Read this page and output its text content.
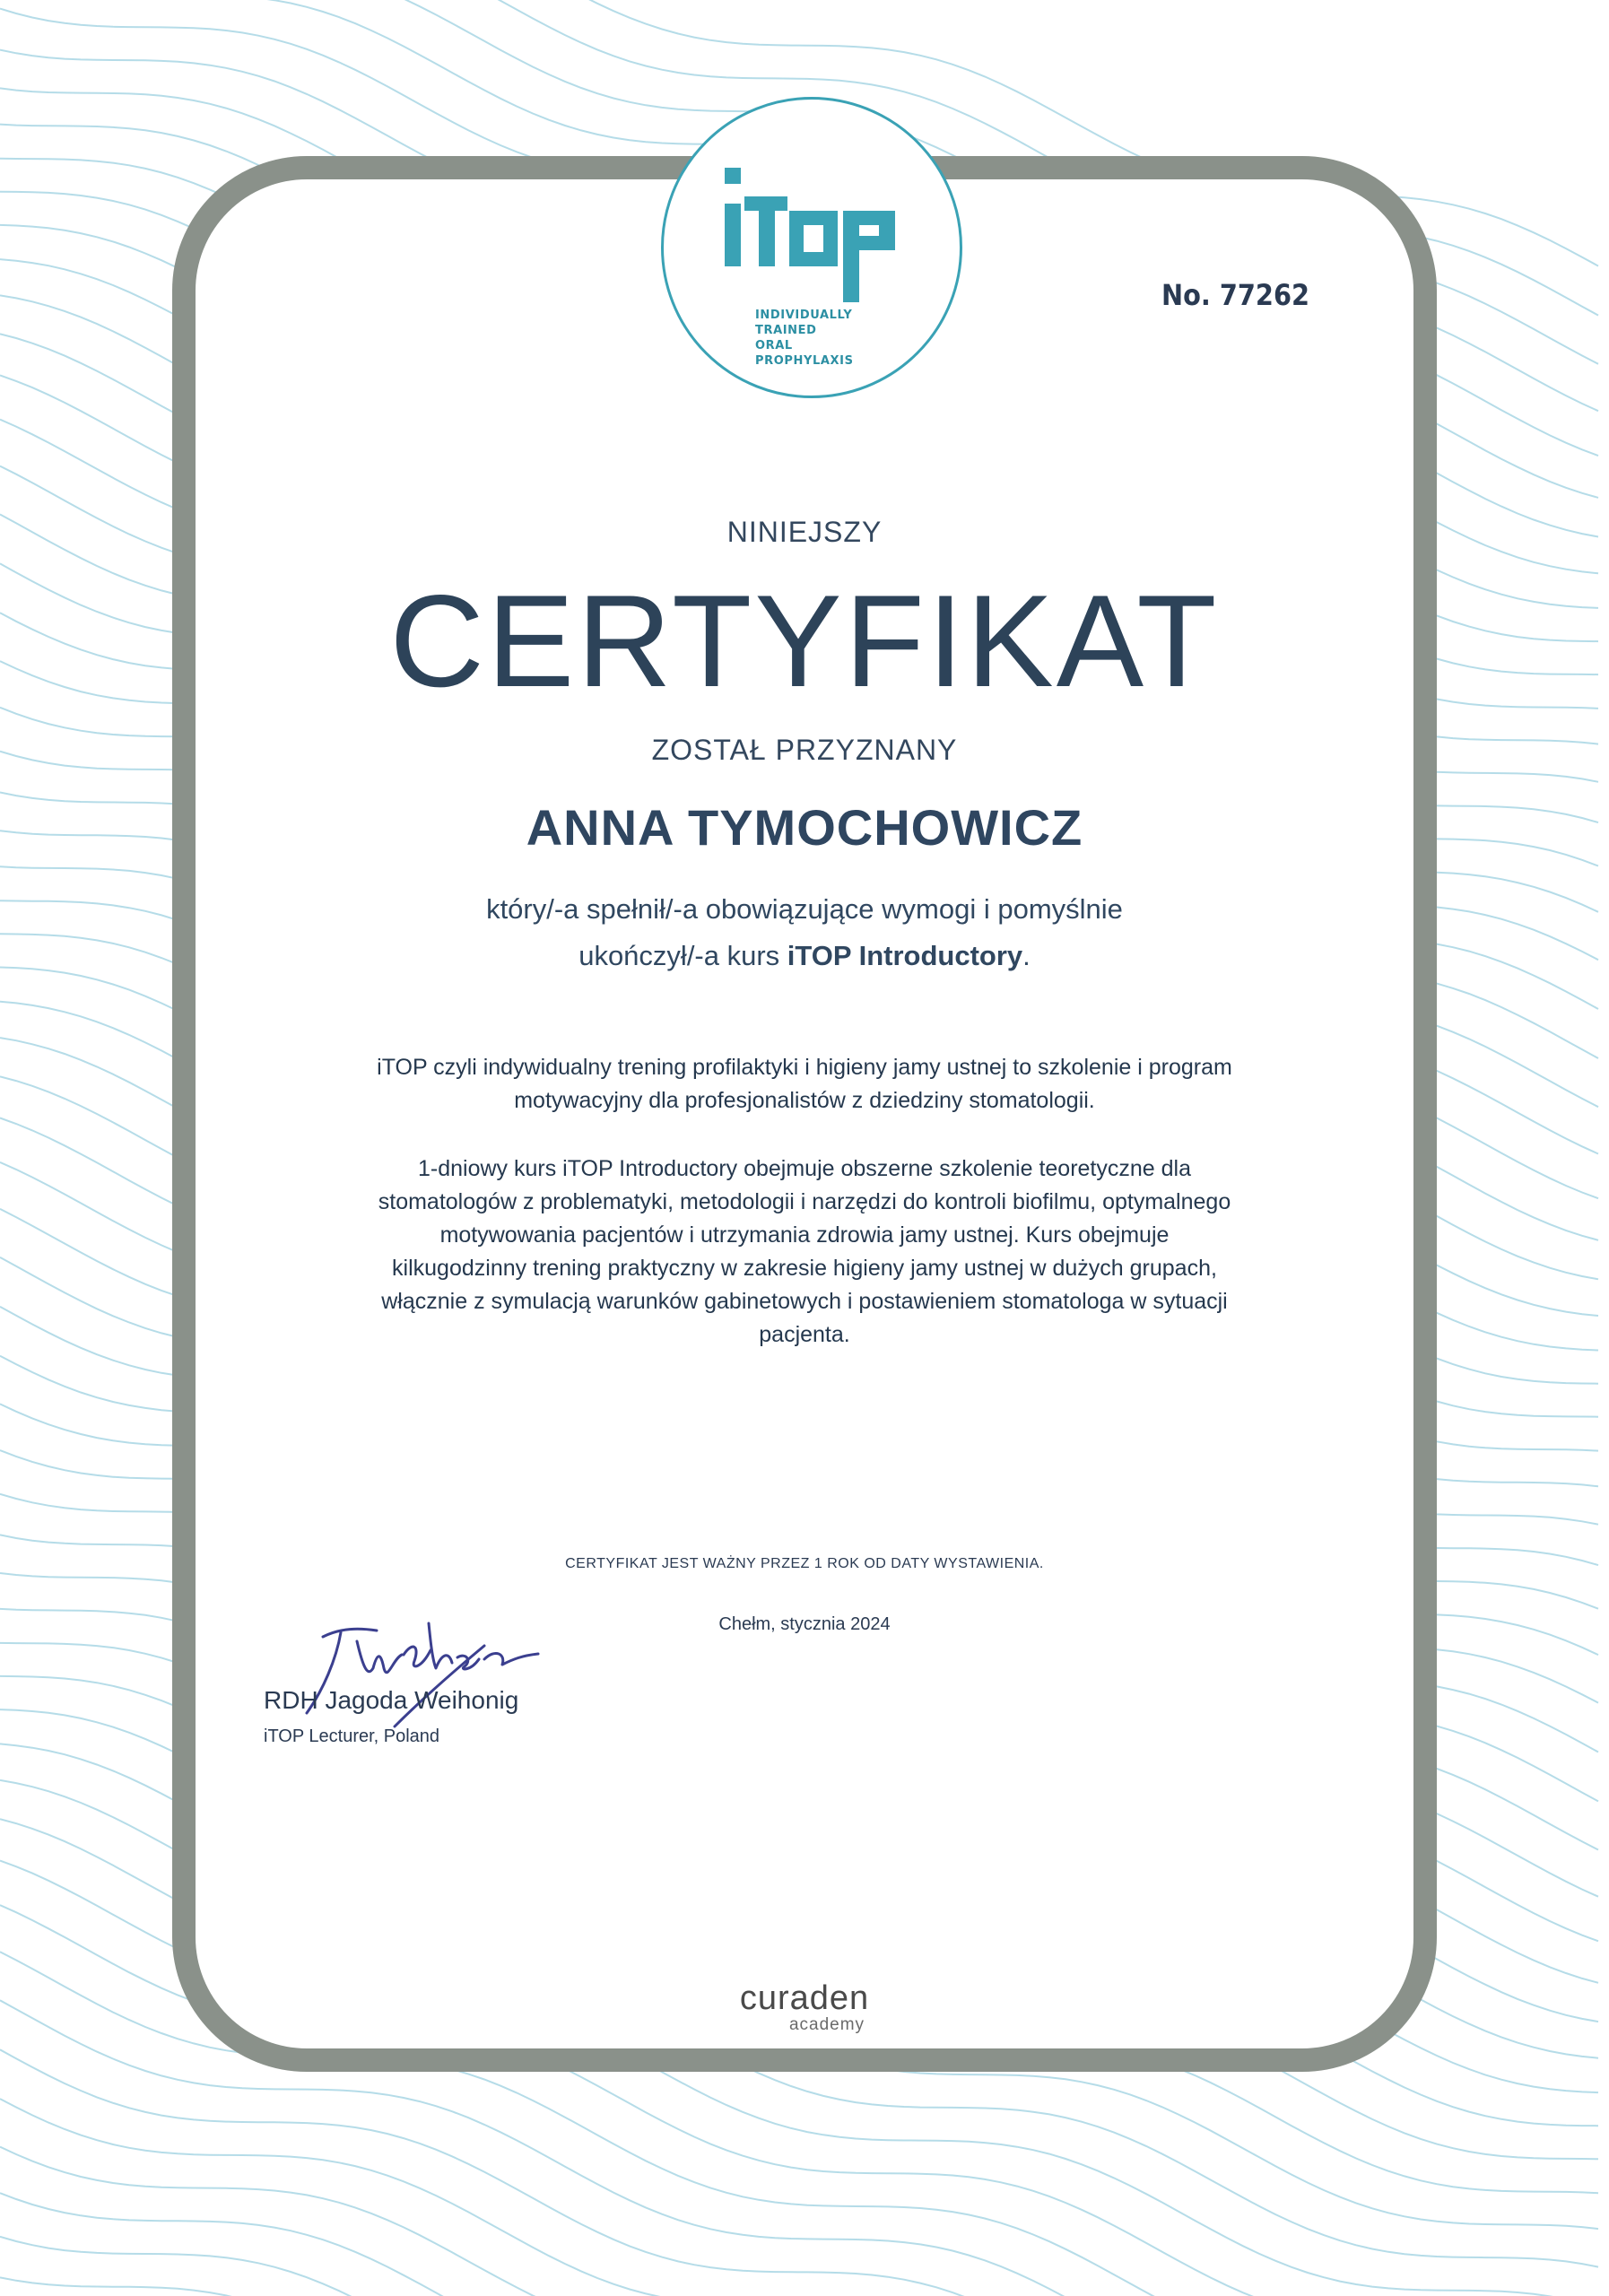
INDIVIDUALLY
TRAINED
ORAL
PROPHYLAXIS
No. 77262
NINIEJSZY
CERTYFIKAT
ZOSTAŁ PRZYZNANY
ANNA TYMOCHOWICZ
który/-a spełnił/-a obowiązujące wymogi i pomyślnie
ukończył/-a kurs iTOP Introductory.
iTOP czyli indywidualny trening profilaktyki i higieny jamy ustnej to szkolenie i program motywacyjny dla profesjonalistów z dziedziny stomatologii.
1-dniowy kurs iTOP Introductory obejmuje obszerne szkolenie teoretyczne dla stomatologów z problematyki, metodologii i narzędzi do kontroli biofilmu, optymalnego motywowania pacjentów i utrzymania zdrowia jamy ustnej. Kurs obejmuje kilkugodzinny trening praktyczny w zakresie higieny jamy ustnej w dużych grupach, włącznie z symulacją warunków gabinetowych i postawieniem stomatologa w sytuacji pacjenta.
CERTYFIKAT JEST WAŻNY PRZEZ 1 ROK OD DATY WYSTAWIENIA.
Chełm, stycznia 2024
RDH Jagoda Weihonig
iTOP Lecturer, Poland
curaden
academy
